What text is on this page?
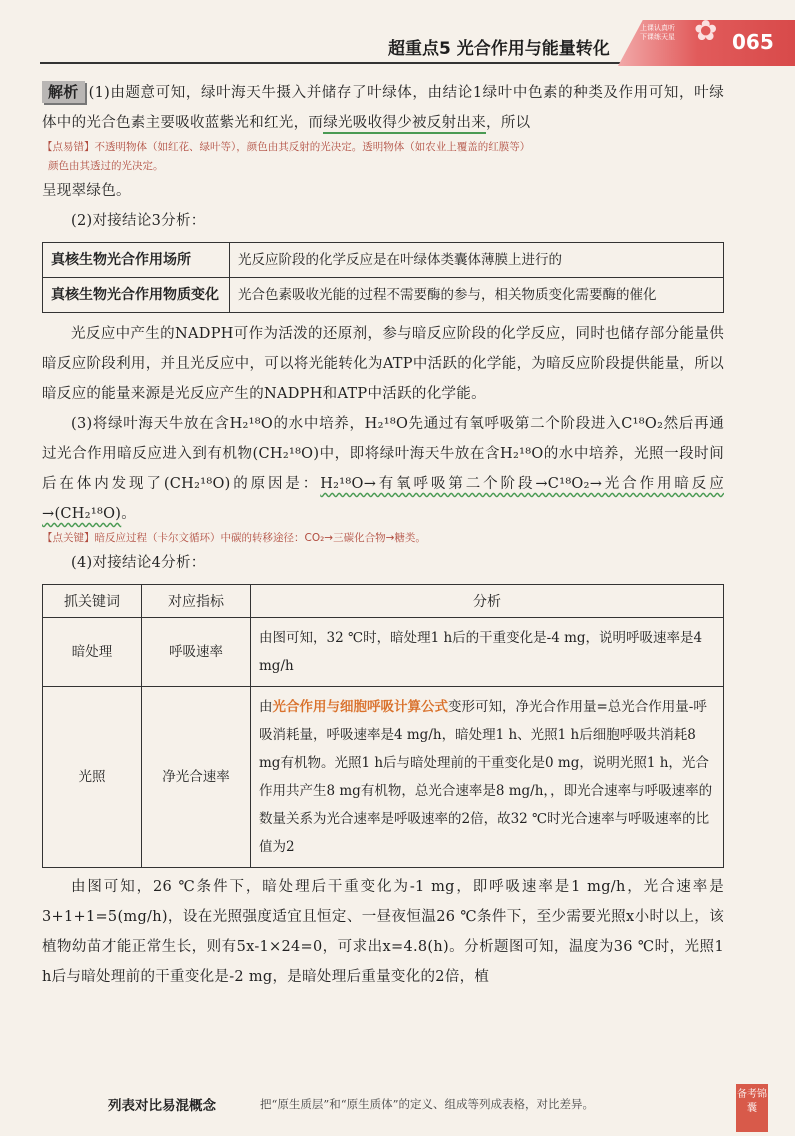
超重点5 光合作用与能量转化
上课认真听
下课练天星 ✿ 065

解析 (1)由题意可知，绿叶海天牛摄入并储存了叶绿体，由结论1绿叶中色素的种类及作用可知，叶绿体中的光合色素主要吸收蓝紫光和红光，而绿光吸收得少被反射出来，所以

【点易错】不透明物体（如红花、绿叶等），颜色由其反射的光决定。透明物体（如农业上覆盖的红膜等）
颜色由其透过的光决定。

呈现翠绿色。

(2)对接结论3分析：

真核生物光合作用场所	光反应阶段的化学反应是在叶绿体类囊体薄膜上进行的
真核生物光合作用物质变化	光合色素吸收光能的过程不需要酶的参与，相关物质变化需要酶的催化

光反应中产生的NADPH可作为活泼的还原剂，参与暗反应阶段的化学反应，同时也储存部分能量供暗反应阶段利用，并且光反应中，可以将光能转化为ATP中活跃的化学能，为暗反应阶段提供能量，所以暗反应的能量来源是光反应产生的NADPH和ATP中活跃的化学能。

(3)将绿叶海天牛放在含H₂¹⁸O的水中培养，H₂¹⁸O先通过有氧呼吸第二个阶段进入C¹⁸O₂然后再通过光合作用暗反应进入到有机物(CH₂¹⁸O)中，即将绿叶海天牛放在含H₂¹⁸O的水中培养，光照一段时间后在体内发现了(CH₂¹⁸O)的原因是：H₂¹⁸O→有氧呼吸第二个阶段→C¹⁸O₂→光合作用暗反应→(CH₂¹⁸O)。

【点关键】暗反应过程（卡尔文循环）中碳的转移途径：CO₂→三碳化合物→糖类。

(4)对接结论4分析：

抓关键词	对应指标	分析
暗处理	呼吸速率	由图可知，32 ℃时，暗处理1 h后的干重变化是-4 mg，说明呼吸速率是4 mg/h
光照	净光合速率	由光合作用与细胞呼吸计算公式变形可知，净光合作用量=总光合作用量-呼吸消耗量，呼吸速率是4 mg/h，暗处理1 h、光照1 h后细胞呼吸共消耗8 mg有机物。光照1 h后与暗处理前的干重变化是0 mg，说明光照1 h，光合作用共产生8 mg有机物，总光合速率是8 mg/h，，即光合速率与呼吸速率的数量关系为光合速率是呼吸速率的2倍，故32 ℃时光合速率与呼吸速率的比值为2

由图可知，26 ℃条件下，暗处理后干重变化为-1 mg，即呼吸速率是1 mg/h，光合速率是3+1+1=5(mg/h)，设在光照强度适宜且恒定、一昼夜恒温26 ℃条件下，至少需要光照x小时以上，该植物幼苗才能正常生长，则有5x-1×24=0，可求出x=4.8(h)。分析题图可知，温度为36 ℃时，光照1 h后与暗处理前的干重变化是-2 mg，是暗处理后重量变化的2倍，植

列表对比易混概念	把“原生质层”和“原生质体”的定义、组成等列成表格，对比差异。
备考锦囊
